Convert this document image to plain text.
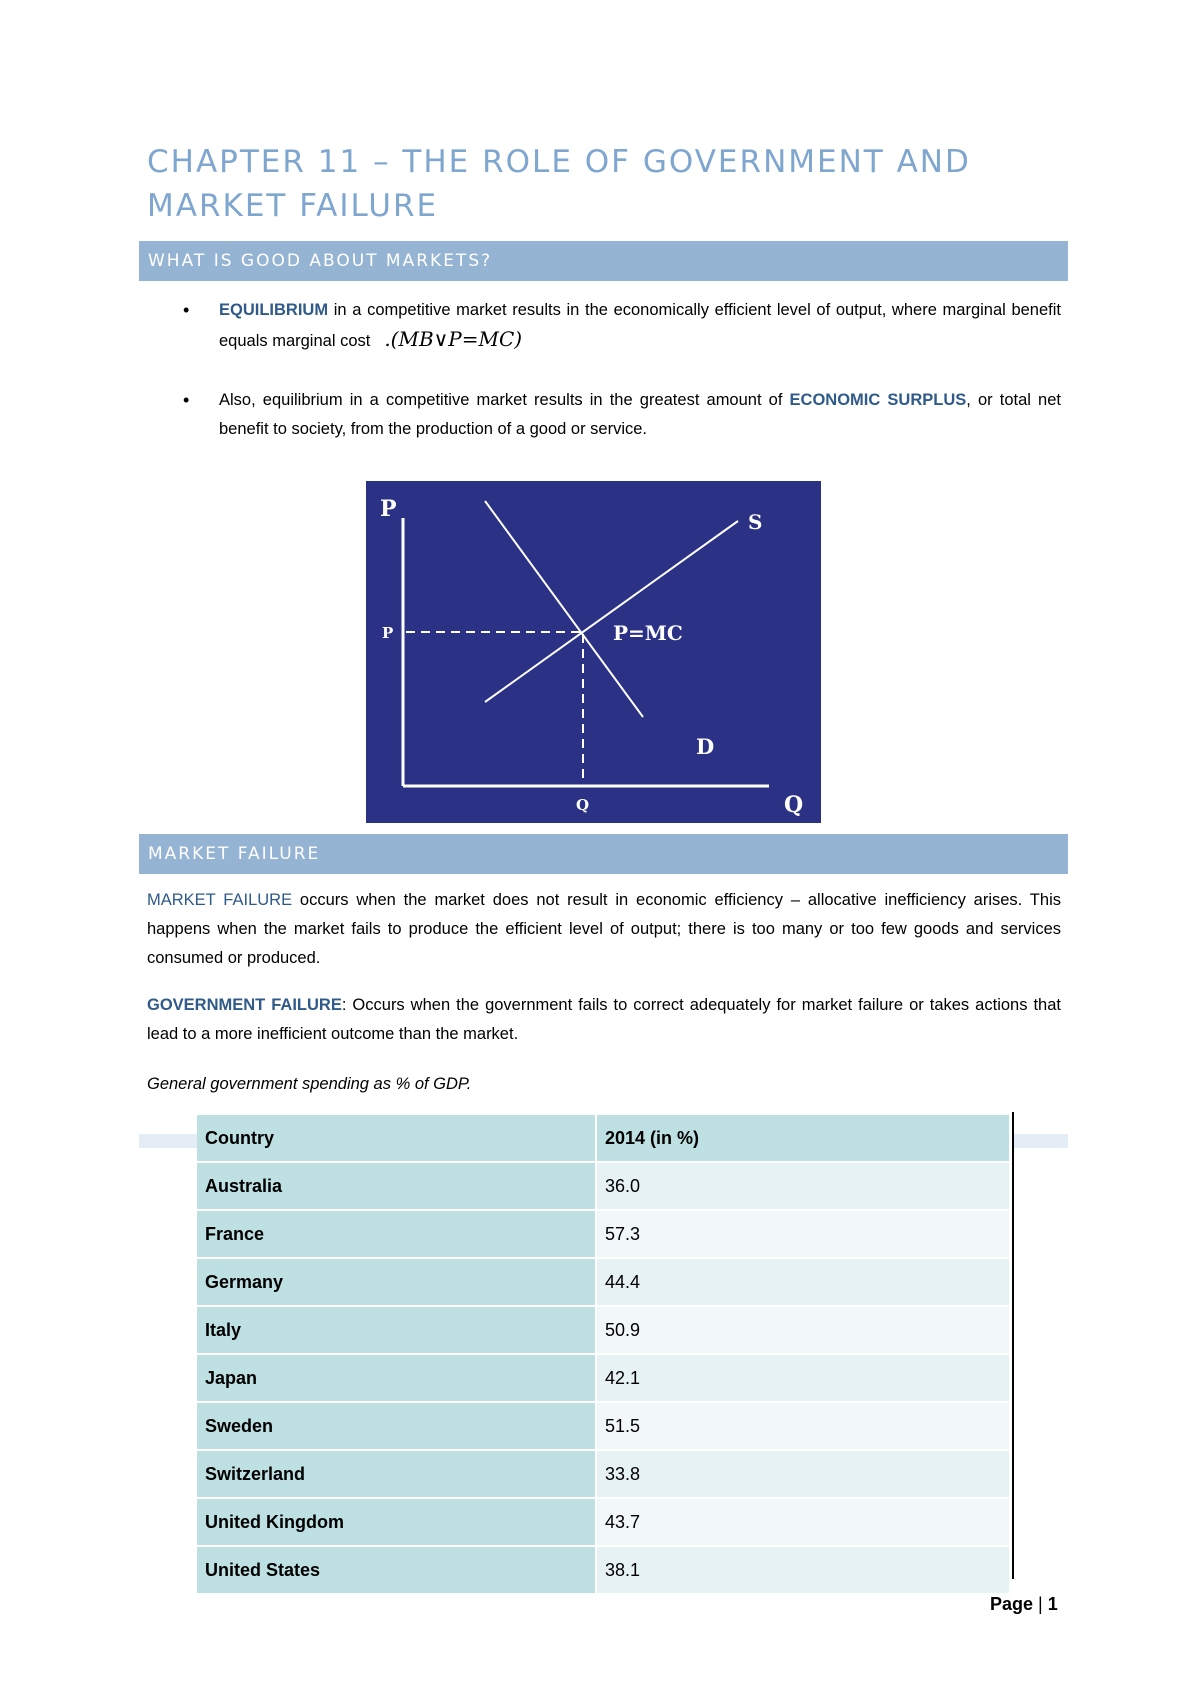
CHAPTER 11 – THE ROLE OF GOVERNMENT AND
MARKET FAILURE
WHAT IS GOOD ABOUT MARKETS?
• EQUILIBRIUM in a competitive market results in the economically efficient level of output, where marginal benefit equals marginal cost .(MB∨P=MC)
• Also, equilibrium in a competitive market results in the greatest amount of ECONOMIC SURPLUS, or total net benefit to society, from the production of a good or service.
P
P
Q	Q
S
D
P=MC
MARKET FAILURE

MARKET FAILURE occurs when the market does not result in economic efficiency – allocative inefficiency arises. This happens when the market fails to produce the efficient level of output; there is too many or too few goods and services consumed or produced.

GOVERNMENT FAILURE: Occurs when the government fails to correct adequately for market failure or takes actions that lead to a more inefficient outcome than the market.

General government spending as % of GDP.

Country	2014 (in %)
Australia	36.0
France	57.3
Germany	44.4
Italy	50.9
Japan	42.1
Sweden	51.5
Switzerland	33.8
United Kingdom	43.7
United States	38.1
Page | 1
